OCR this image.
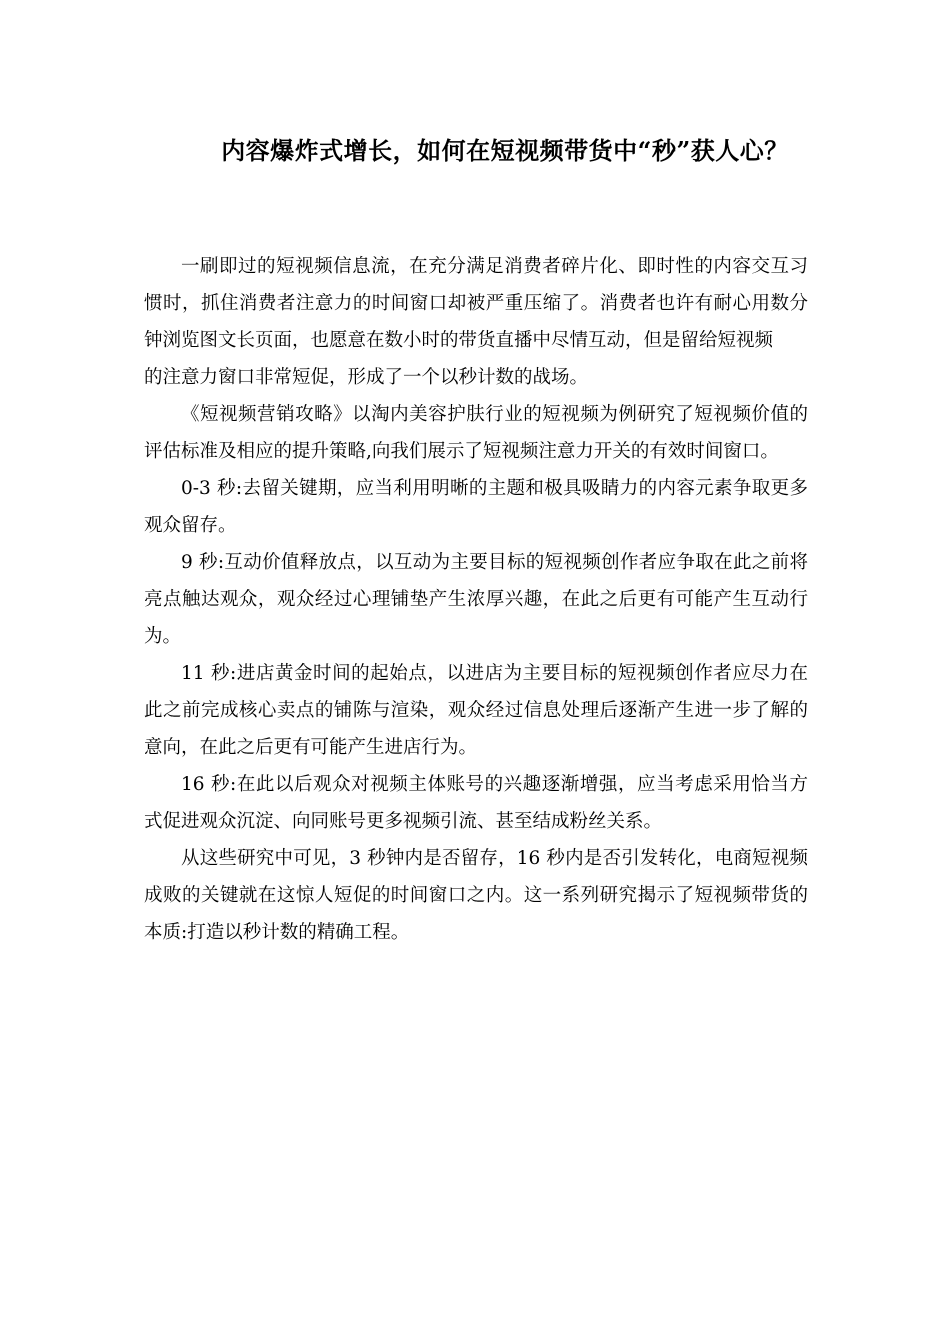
内容爆炸式增长，如何在短视频带货中“秒”获人心？

一刷即过的短视频信息流，在充分满足消费者碎片化、即时性的内容交互习惯时，抓住消费者注意力的时间窗口却被严重压缩了。消费者也许有耐心用数分钟浏览图文长页面，也愿意在数小时的带货直播中尽情互动，但是留给短视频

的注意力窗口非常短促，形成了一个以秒计数的战场。

《短视频营销攻略》以淘内美容护肤行业的短视频为例研究了短视频价值的评估标准及相应的提升策略,向我们展示了短视频注意力开关的有效时间窗口。

0-3 秒:去留关键期，应当利用明晰的主题和极具吸睛力的内容元素争取更多观众留存。

9 秒:互动价值释放点，以互动为主要目标的短视频创作者应争取在此之前将亮点触达观众，观众经过心理铺垫产生浓厚兴趣，在此之后更有可能产生互动行为。

11 秒:进店黄金时间的起始点，以进店为主要目标的短视频创作者应尽力在此之前完成核心卖点的铺陈与渲染，观众经过信息处理后逐渐产生进一步了解的意向，在此之后更有可能产生进店行为。

16 秒:在此以后观众对视频主体账号的兴趣逐渐增强，应当考虑采用恰当方式促进观众沉淀、向同账号更多视频引流、甚至结成粉丝关系。

从这些研究中可见，3 秒钟内是否留存，16 秒内是否引发转化，电商短视频成败的关键就在这惊人短促的时间窗口之内。这一系列研究揭示了短视频带货的本质:打造以秒计数的精确工程。
